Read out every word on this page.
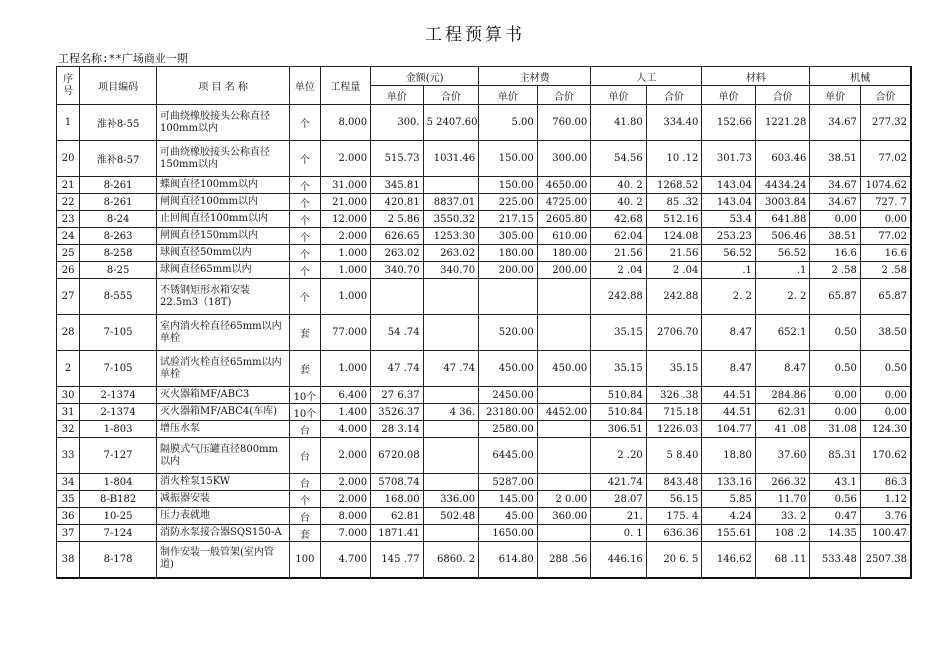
工程预算书
工程名称:**广场商业一期
序号	项目编码	项 目 名 称	单位	工程量	金额(元)		主材费		人工		材料		机械	
					单价	合价	单价	合价	单价	合价	单价	合价	单价	合价
1	淮补8-55	可曲绕橡胶接头公称直径100mm以内	个	8.000	300.	5 2407.60	5.00	760.00	41.80	334.40	152.66	1221.28	34.67	277.32
20	淮补8-57	可曲绕橡胶接头公称直径150mm以内	个	2.000	515.73	1031.46	150.00	300.00	54.56	10 .12	301.73	603.46	38.51	77.02
21	8-261	蝶阀直径100mm以内	个	31.000	345.81		150.00	4650.00	40. 2	1268.52	143.04	4434.24	34.67	1074.62
22	8-261	闸阀直径100mm以内	个	21.000	420.81	8837.01	225.00	4725.00	40. 2	85 .32	143.04	3003.84	34.67	727. 7
23	8-24	止回阀直径100mm以内	个	12.000	2 5.86	3550.32	217.15	2605.80	42.68	512.16	53.4	641.88	0.00	0.00
24	8-263	闸阀直径150mm以内	个	2.000	626.65	1253.30	305.00	610.00	62.04	124.08	253.23	506.46	38.51	77.02
25	8-258	球阀直径50mm以内	个	1.000	263.02	263.02	180.00	180.00	21.56	21.56	56.52	56.52	16.6	16.6
26	8-25	球阀直径65mm以内	个	1.000	340.70	340.70	200.00	200.00	2 .04	2 .04	.1	.1	2 .58	2 .58
27	8-555	不锈钢矩形水箱安装22.5m3（18T)	个	1.000					242.88	242.88	2. 2	2. 2	65.87	65.87
28	7-105	室内消火栓直径65mm以内单栓	套	77.000	54 .74		520.00		35.15	2706.70	8.47	652.1	0.50	38.50
2	7-105	试验消火栓直径65mm以内单栓	套	1.000	47 .74	47 .74	450.00	450.00	35.15	35.15	8.47	8.47	0.50	0.50
30	2-1374	灭火器箱MF/ABC3	10个	6.400	27 6.37		2450.00		510.84	326 .38	44.51	284.86	0.00	0.00
31	2-1374	灭火器箱MF/ABC4(车库)	10个	1.400	3526.37	4 36.	23180.00	4452.00	510.84	715.18	44.51	62.31	0.00	0.00
32	1-803	增压水泵	台	4.000	28 3.14		2580.00		306.51	1226.03	104.77	41 .08	31.08	124.30
33	7-127	隔膜式气压罐直径800mm以内	台	2.000	6720.08		6445.00		2 .20	5 8.40	18.80	37.60	85.31	170.62
34	1-804	消火栓泵15KW	台	2.000	5708.74		5287.00		421.74	843.48	133.16	266.32	43.1	86.3
35	8-B182	减振器安装	个	2.000	168.00	336.00	145.00	2 0.00	28.07	56.15	5.85	11.70	0.56	1.12
36	10-25	压力表就地	台	8.000	62.81	502.48	45.00	360.00	21.	175. 4	4.24	33. 2	0.47	3.76
37	7-124	消防水泵接合器SQS150-A	套	7.000	1871.41		1650.00		0. 1	636.36	155.61	108 .2	14.35	100.47
38	8-178	制作安装一般管架(室内管道)	100	4.700	145 .77	6860. 2	614.80	288 .56	446.16	20 6. 5	146.62	68 .11	533.48	2507.38
